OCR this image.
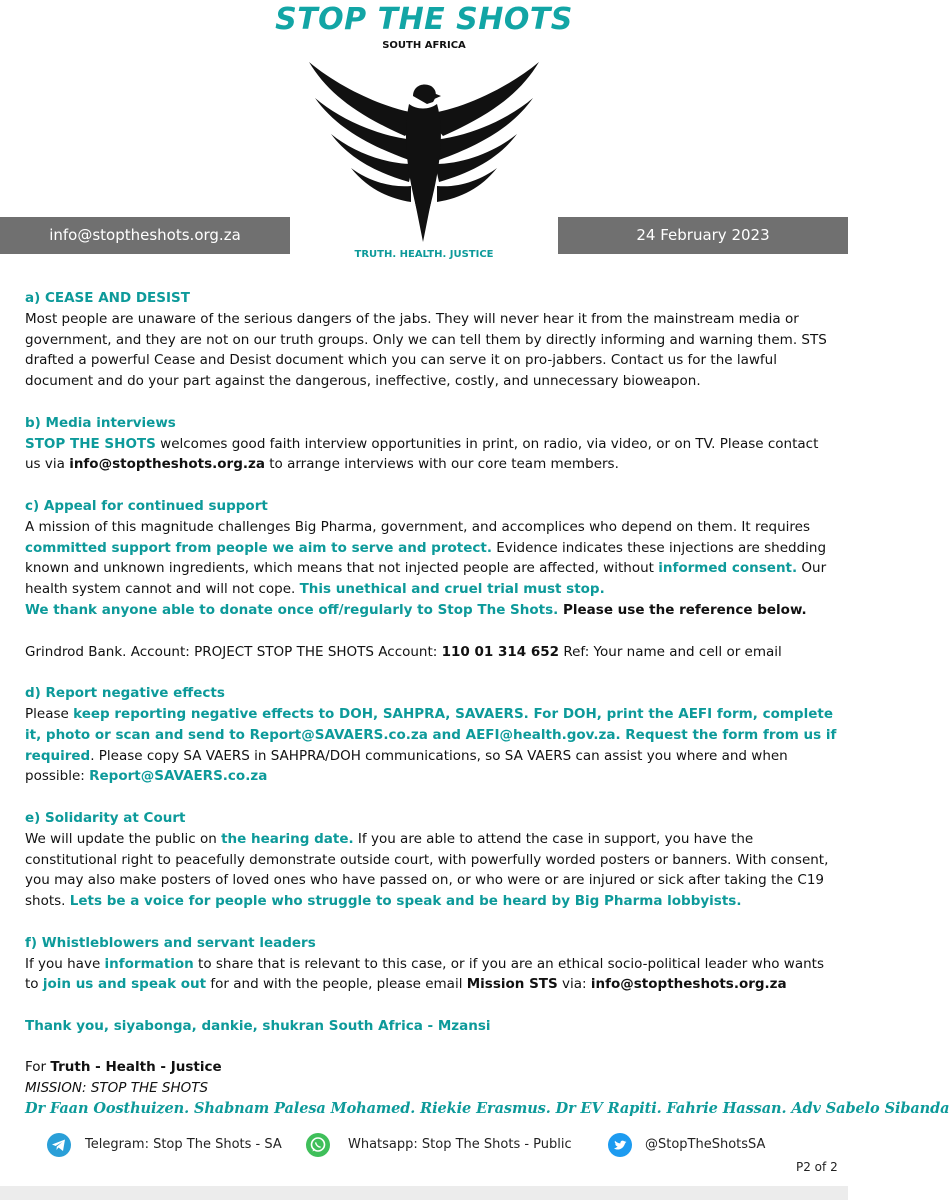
STOP THE SHOTS
SOUTH AFRICA
info@stoptheshots.org.za	24 February 2023
TRUTH. HEALTH. JUSTICE
a) CEASE AND DESIST

Most people are unaware of the serious dangers of the jabs. They will never hear it from the mainstream media or government, and they are not on our truth groups. Only we can tell them by directly informing and warning them. STS drafted a powerful Cease and Desist document which you can serve it on pro-jabbers. Contact us for the lawful document and do your part against the dangerous, ineffective, costly, and unnecessary bioweapon.

b) Media interviews

STOP THE SHOTS welcomes good faith interview opportunities in print, on radio, via video, or on TV. Please contact us via info@stoptheshots.org.za to arrange interviews with our core team members.

c) Appeal for continued support

A mission of this magnitude challenges Big Pharma, government, and accomplices who depend on them. It requires committed support from people we aim to serve and protect. Evidence indicates these injections are shedding known and unknown ingredients, which means that not injected people are affected, without informed consent. Our health system cannot and will not cope. This unethical and cruel trial must stop.
We thank anyone able to donate once off/regularly to Stop The Shots. Please use the reference below.

Grindrod Bank. Account: PROJECT STOP THE SHOTS Account: 110 01 314 652 Ref: Your name and cell or email

d) Report negative effects

Please keep reporting negative effects to DOH, SAHPRA, SAVAERS. For DOH, print the AEFI form, complete it, photo or scan and send to Report@SAVAERS.co.za and AEFI@health.gov.za. Request the form from us if required. Please copy SA VAERS in SAHPRA/DOH communications, so SA VAERS can assist you where and when possible: Report@SAVAERS.co.za

e) Solidarity at Court

We will update the public on the hearing date. If you are able to attend the case in support, you have the constitutional right to peacefully demonstrate outside court, with powerfully worded posters or banners. With consent, you may also make posters of loved ones who have passed on, or who were or are injured or sick after taking the C19 shots. Lets be a voice for people who struggle to speak and be heard by Big Pharma lobbyists.

f) Whistleblowers and servant leaders

If you have information to share that is relevant to this case, or if you are an ethical socio-political leader who wants to join us and speak out for and with the people, please email Mission STS via: info@stoptheshots.org.za

Thank you, siyabonga, dankie, shukran South Africa - Mzansi

For Truth - Health - Justice

MISSION: STOP THE SHOTS

Dr Faan Oosthuizen. Shabnam Palesa Mohamed. Riekie Erasmus. Dr EV Rapiti. Fahrie Hassan. Adv Sabelo Sibanda

Telegram: Stop The Shots - SA	Whatsapp: Stop The Shots - Public	@StopTheShotsSA
P2 of 2
